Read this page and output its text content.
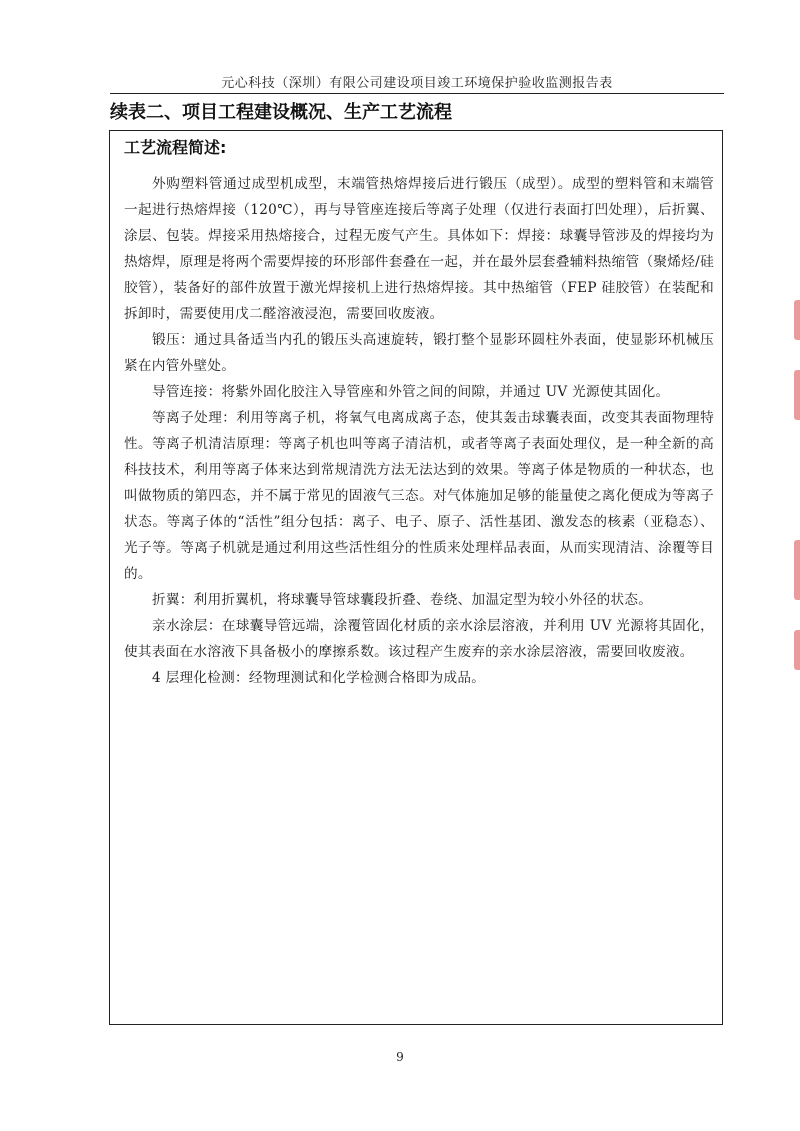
元心科技（深圳）有限公司建设项目竣工环境保护验收监测报告表
续表二、项目工程建设概况、生产工艺流程
工艺流程简述:

外购塑料管通过成型机成型，末端管热熔焊接后进行锻压（成型）。成型的塑料管和末端管一起进行热熔焊接（120℃），再与导管座连接后等离子处理（仅进行表面打凹处理），后折翼、涂层、包装。焊接采用热熔接合，过程无废气产生。具体如下：焊接：球囊导管涉及的焊接均为热熔焊，原理是将两个需要焊接的环形部件套叠在一起，并在最外层套叠辅料热缩管（聚烯烃/硅胶管），装备好的部件放置于激光焊接机上进行热熔焊接。其中热缩管（FEP 硅胶管）在装配和拆卸时，需要使用戊二醛溶液浸泡，需要回收废液。

锻压：通过具备适当内孔的锻压头高速旋转，锻打整个显影环圆柱外表面，使显影环机械压紧在内管外壁处。

导管连接：将紫外固化胶注入导管座和外管之间的间隙，并通过 UV 光源使其固化。

等离子处理：利用等离子机，将氧气电离成离子态，使其轰击球囊表面，改变其表面物理特性。等离子机清洁原理：等离子机也叫等离子清洁机，或者等离子表面处理仪，是一种全新的高科技技术，利用等离子体来达到常规清洗方法无法达到的效果。等离子体是物质的一种状态，也叫做物质的第四态，并不属于常见的固液气三态。对气体施加足够的能量使之离化便成为等离子状态。等离子体的“活性”组分包括：离子、电子、原子、活性基团、激发态的核素（亚稳态）、光子等。等离子机就是通过利用这些活性组分的性质来处理样品表面，从而实现清洁、涂覆等目的。

折翼：利用折翼机，将球囊导管球囊段折叠、卷绕、加温定型为较小外径的状态。

亲水涂层：在球囊导管远端，涂覆管固化材质的亲水涂层溶液，并利用 UV 光源将其固化，使其表面在水溶液下具备极小的摩擦系数。该过程产生废弃的亲水涂层溶液，需要回收废液。

4 层理化检测：经物理测试和化学检测合格即为成品。

9
